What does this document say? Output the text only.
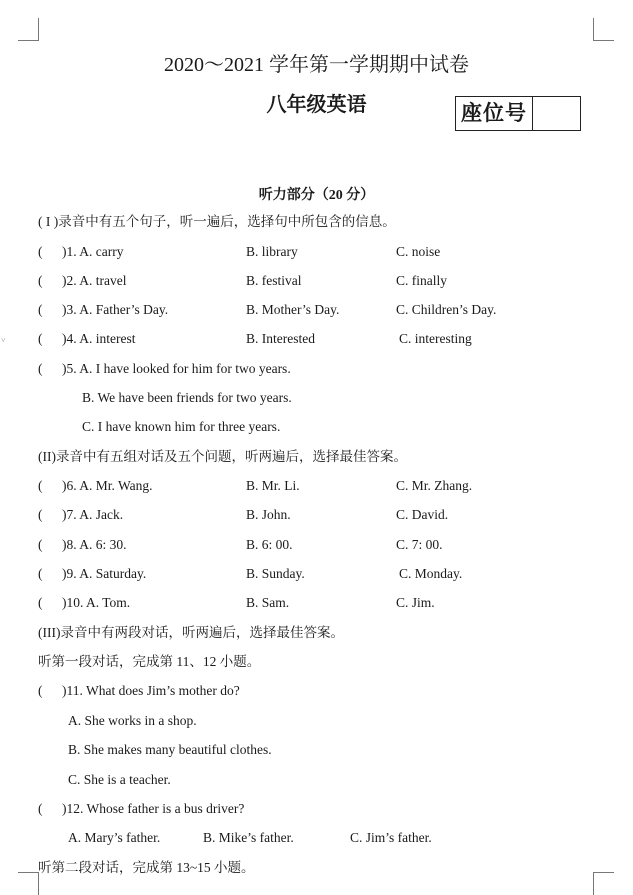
˅
2020～2021 学年第一学期期中试卷
八年级英语	座位号
听力部分（20 分）
( I )录音中有五个句子，听一遍后，选择句中所包含的信息。
( )1. A. carry	B. library	C. noise
( )2. A. travel	B. festival	C. finally
( )3. A. Father’s Day.	B. Mother’s Day.	C. Children’s Day.
( )4. A. interest	B. Interested	C. interesting
( )5. A. I have looked for him for two years.
B. We have been friends for two years.
C. I have known him for three years.
(II)录音中有五组对话及五个问题，听两遍后，选择最佳答案。
( )6. A. Mr. Wang.	B. Mr. Li.	C. Mr. Zhang.
( )7. A. Jack.	B. John.	C. David.
( )8. A. 6: 30.	B. 6: 00.	C. 7: 00.
( )9. A. Saturday.	B. Sunday.	C. Monday.
( )10. A. Tom.	B. Sam.	C. Jim.
(III)录音中有两段对话，听两遍后，选择最佳答案。
听第一段对话，完成第 11、12 小题。
( )11. What does Jim’s mother do?
A. She works in a shop.
B. She makes many beautiful clothes.
C. She is a teacher.
( )12. Whose father is a bus driver?
A. Mary’s father.	B. Mike’s father.	C. Jim’s father.
听第二段对话，完成第 13~15 小题。
